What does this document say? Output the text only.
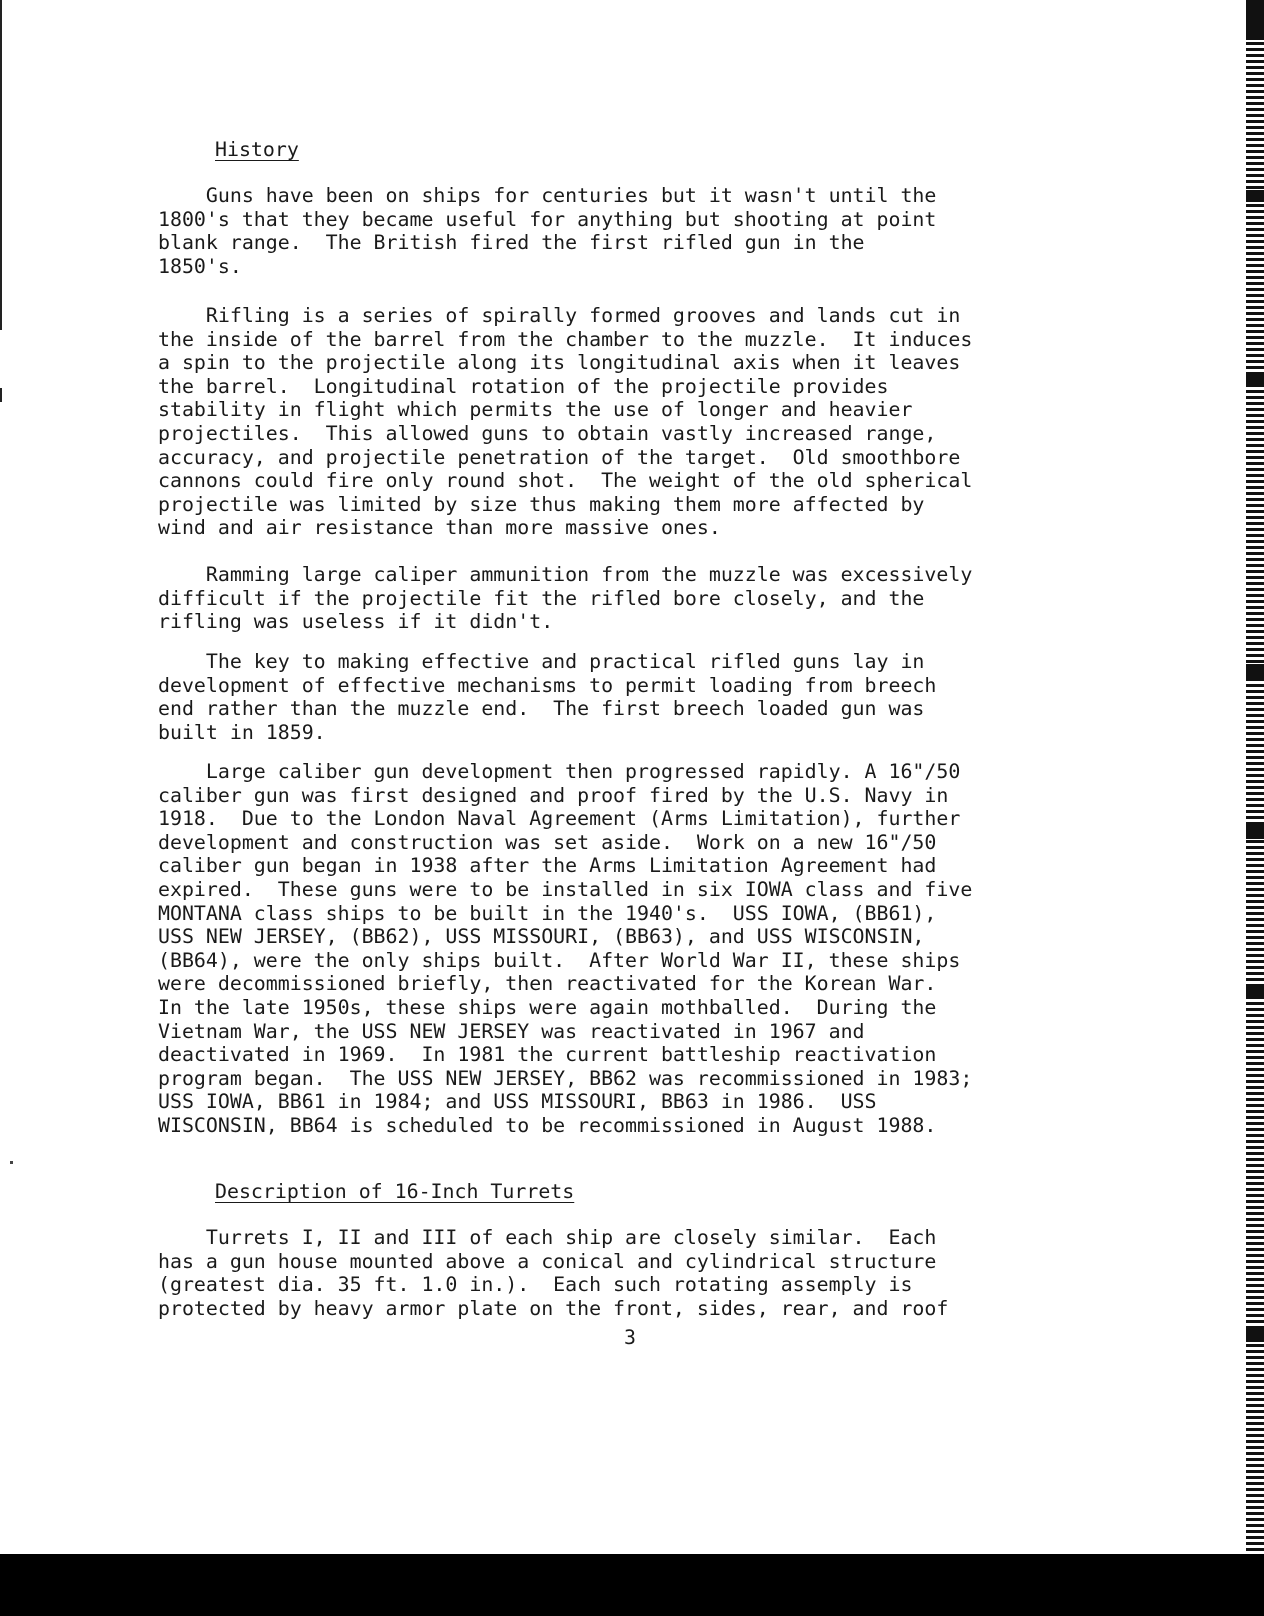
History

Guns have been on ships for centuries but it wasn't until the
1800's that they became useful for anything but shooting at point
blank range.  The British fired the first rifled gun in the
1850's.

Rifling is a series of spirally formed grooves and lands cut in
the inside of the barrel from the chamber to the muzzle.  It induces
a spin to the projectile along its longitudinal axis when it leaves
the barrel.  Longitudinal rotation of the projectile provides
stability in flight which permits the use of longer and heavier
projectiles.  This allowed guns to obtain vastly increased range,
accuracy, and projectile penetration of the target.  Old smoothbore
cannons could fire only round shot.  The weight of the old spherical
projectile was limited by size thus making them more affected by
wind and air resistance than more massive ones.

Ramming large caliper ammunition from the muzzle was excessively
difficult if the projectile fit the rifled bore closely, and the
rifling was useless if it didn't.

The key to making effective and practical rifled guns lay in
development of effective mechanisms to permit loading from breech
end rather than the muzzle end.  The first breech loaded gun was
built in 1859.

Large caliber gun development then progressed rapidly. A 16"/50
caliber gun was first designed and proof fired by the U.S. Navy in
1918.  Due to the London Naval Agreement (Arms Limitation), further
development and construction was set aside.  Work on a new 16"/50
caliber gun began in 1938 after the Arms Limitation Agreement had
expired.  These guns were to be installed in six IOWA class and five
MONTANA class ships to be built in the 1940's.  USS IOWA, (BB61),
USS NEW JERSEY, (BB62), USS MISSOURI, (BB63), and USS WISCONSIN,
(BB64), were the only ships built.  After World War II, these ships
were decommissioned briefly, then reactivated for the Korean War.
In the late 1950s, these ships were again mothballed.  During the
Vietnam War, the USS NEW JERSEY was reactivated in 1967 and
deactivated in 1969.  In 1981 the current battleship reactivation
program began.  The USS NEW JERSEY, BB62 was recommissioned in 1983;
USS IOWA, BB61 in 1984; and USS MISSOURI, BB63 in 1986.  USS
WISCONSIN, BB64 is scheduled to be recommissioned in August 1988.

Description of 16-Inch Turrets

Turrets I, II and III of each ship are closely similar.  Each
has a gun house mounted above a conical and cylindrical structure
(greatest dia. 35 ft. 1.0 in.).  Each such rotating assemply is
protected by heavy armor plate on the front, sides, rear, and roof

3
